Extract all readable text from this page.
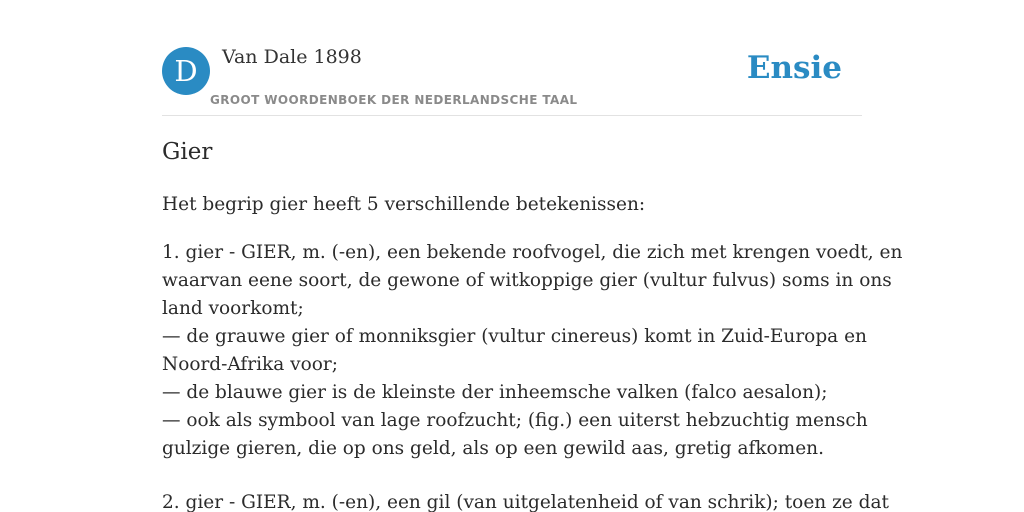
D	Van Dale 1898
GROOT WOORDENBOEK DER NEDERLANDSCHE TAAL
Ensie
Gier

Het begrip gier heeft 5 verschillende betekenissen:

1. gier - GIER, m. (-en), een bekende roofvogel, die zich met krengen voedt, en
waarvan eene soort, de gewone of witkoppige gier (vultur fulvus) soms in ons
land voorkomt;
— de grauwe gier of monniksgier (vultur cinereus) komt in Zuid-Europa en
Noord-Afrika voor;
— de blauwe gier is de kleinste der inheemsche valken (falco aesalon);
— ook als symbool van lage roofzucht; (fig.) een uiterst hebzuchtig mensch
gulzige gieren, die op ons geld, als op een gewild aas, gretig afkomen.
2. gier - GIER, m. (-en), een gil (van uitgelatenheid of van schrik); toen ze dat
